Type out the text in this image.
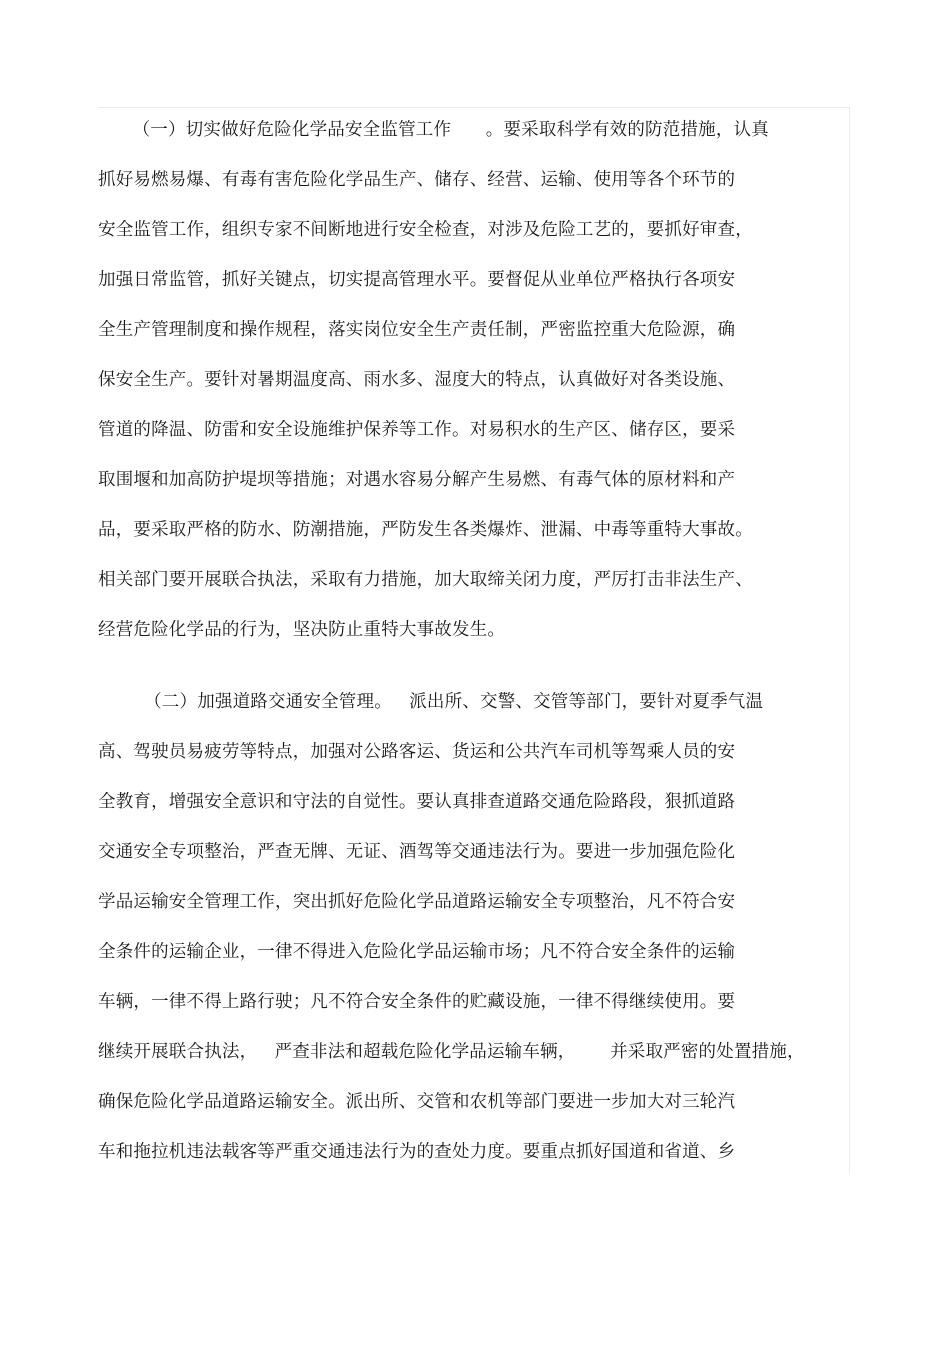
（一）切实做好危险化学品安全监管工作      。要采取科学有效的防范措施，认真
抓好易燃易爆、有毒有害危险化学品生产、储存、经营、运输、使用等各个环节的
安全监管工作，组织专家不间断地进行安全检查，对涉及危险工艺的，要抓好审查，
加强日常监管，抓好关键点，切实提高管理水平。要督促从业单位严格执行各项安
全生产管理制度和操作规程，落实岗位安全生产责任制，严密监控重大危险源，确
保安全生产。要针对暑期温度高、雨水多、湿度大的特点，认真做好对各类设施、
管道的降温、防雷和安全设施维护保养等工作。对易积水的生产区、储存区，要采
取围堰和加高防护堤坝等措施；对遇水容易分解产生易燃、有毒气体的原材料和产
品，要采取严格的防水、防潮措施，严防发生各类爆炸、泄漏、中毒等重特大事故。
相关部门要开展联合执法，采取有力措施，加大取缔关闭力度，严厉打击非法生产、
经营危险化学品的行为，坚决防止重特大事故发生。
（二）加强道路交通安全管理。   派出所、交警、交管等部门，要针对夏季气温
高、驾驶员易疲劳等特点，加强对公路客运、货运和公共汽车司机等驾乘人员的安
全教育，增强安全意识和守法的自觉性。要认真排查道路交通危险路段，狠抓道路
交通安全专项整治，严查无牌、无证、酒驾等交通违法行为。要进一步加强危险化
学品运输安全管理工作，突出抓好危险化学品道路运输安全专项整治，凡不符合安
全条件的运输企业，一律不得进入危险化学品运输市场；凡不符合安全条件的运输
车辆，一律不得上路行驶；凡不符合安全条件的贮藏设施，一律不得继续使用。要
继续开展联合执法，   严查非法和超载危险化学品运输车辆，      并采取严密的处置措施，
确保危险化学品道路运输安全。派出所、交管和农机等部门要进一步加大对三轮汽
车和拖拉机违法载客等严重交通违法行为的查处力度。要重点抓好国道和省道、乡
